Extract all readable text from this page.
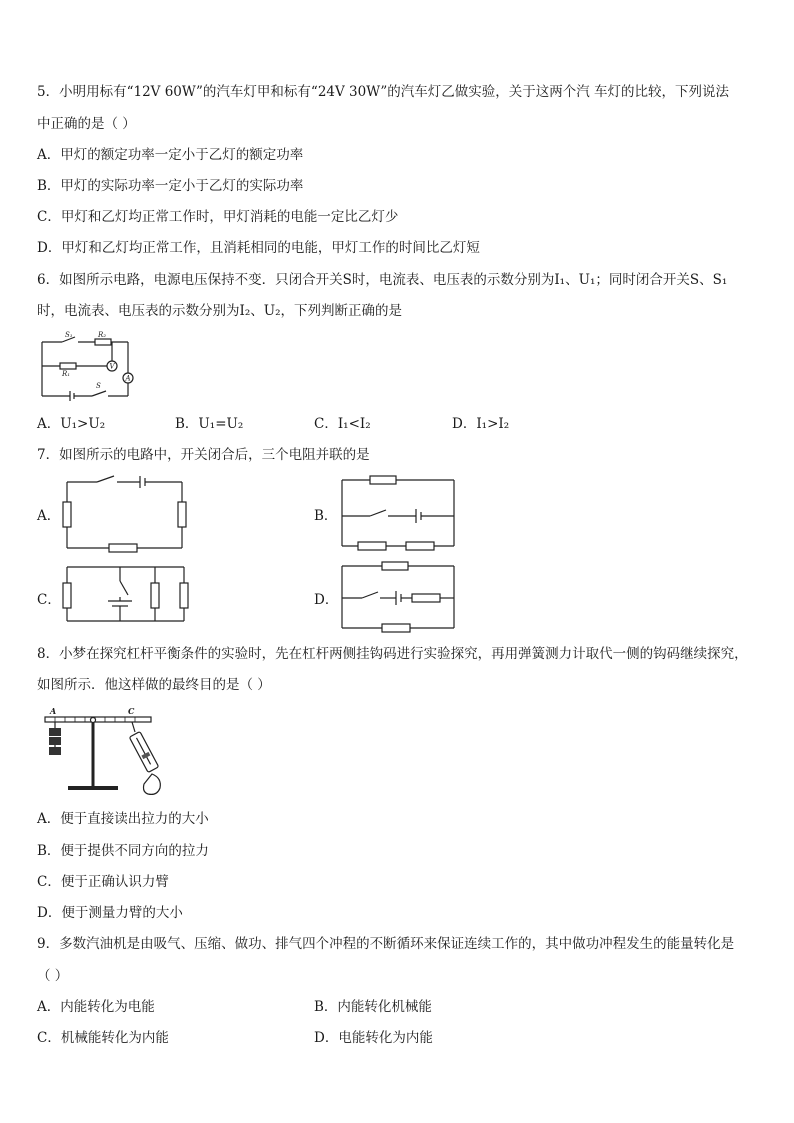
5．小明用标有“12V 60W”的汽车灯甲和标有“24V 30W”的汽车灯乙做实验，关于这两个汽 车灯的比较，下列说法
中正确的是（ ）
A．甲灯的额定功率一定小于乙灯的额定功率
B．甲灯的实际功率一定小于乙灯的实际功率
C．甲灯和乙灯均正常工作时，甲灯消耗的电能一定比乙灯少
D．甲灯和乙灯均正常工作，且消耗相同的电能，甲灯工作的时间比乙灯短
6．如图所示电路，电源电压保持不变．只闭合开关S时，电流表、电压表的示数分别为I₁、U₁；同时闭合开关S、S₁
时，电流表、电压表的示数分别为I₂、U₂，下列判断正确的是
S₁	R₂
R₁
V
A
S
A．U₁>U₂	B．U₁=U₂	C．I₁<I₂	D．I₁>I₂
7．如图所示的电路中，开关闭合后，三个电阻并联的是
A．	B．
C．	D．
8．小梦在探究杠杆平衡条件的实验时，先在杠杆两侧挂钩码进行实验探究，再用弹簧测力计取代一侧的钩码继续探究，
如图所示．他这样做的最终目的是（ ）
A	C
A．便于直接读出拉力的大小
B．便于提供不同方向的拉力
C．便于正确认识力臂
D．便于测量力臂的大小
9．多数汽油机是由吸气、压缩、做功、排气四个冲程的不断循环来保证连续工作的，其中做功冲程发生的能量转化是
（ ）
A．内能转化为电能	B．内能转化机械能
C．机械能转化为内能	D．电能转化为内能
